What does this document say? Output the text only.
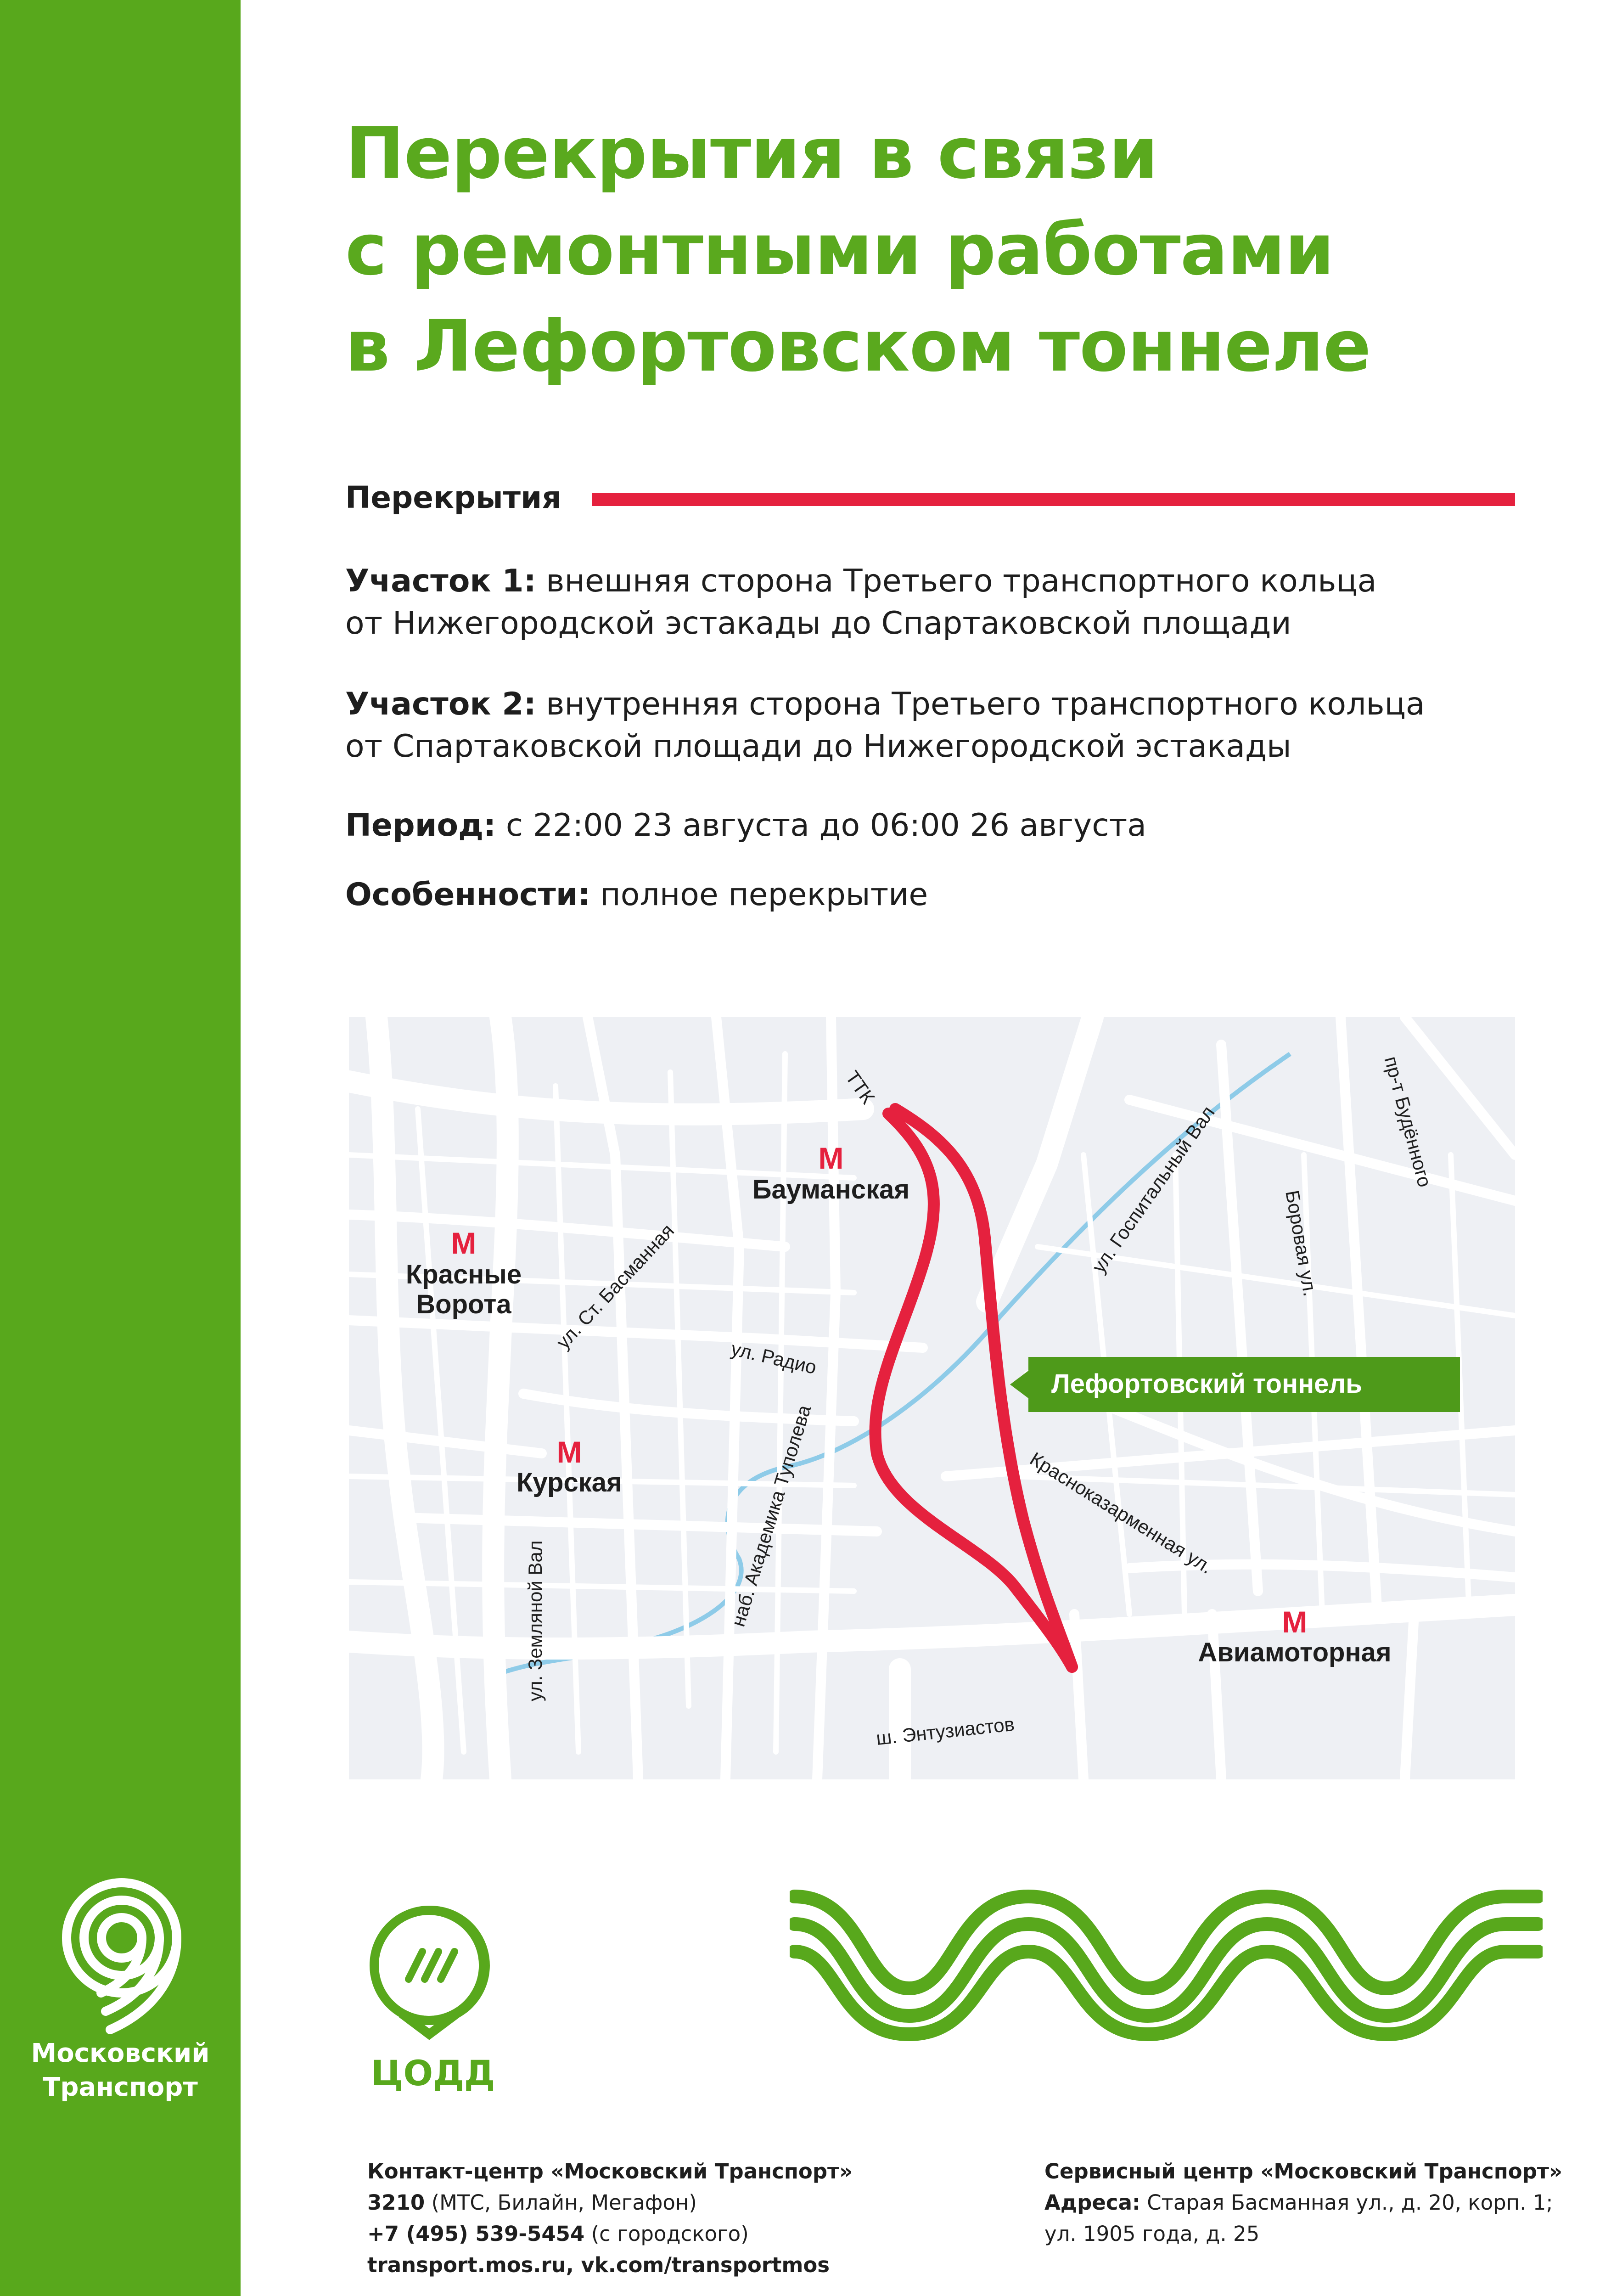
Московский
Транспорт
Перекрытия в связи
с ремонтными работами
в Лефортовском тоннеле
Перекрытия
Участок 1: внешняя сторона Третьего транспортного кольца
от Нижегородской эстакады до Спартаковской площади
Участок 2: внутренняя сторона Третьего транспортного кольца
от Спартаковской площади до Нижегородской эстакады
Период: с 22:00 23 августа до 06:00 26 августа
Особенности: полное перекрытие
Лефортовский тоннель
М
М
М
М
Красные
Ворота
Бауманская
Курская
Авиамоторная
ТТК
ул. Ст. Басманная
ул. Радио
наб. Академика Туполева
ул. Земляной Вал
ул. Госпитальный Вал	Боровая ул.
пр-т Будённого
Красноказарменная ул.
ш. Энтузиастов
ЦОДД
Контакт-центр «Московский Транспорт»
3210 (МТС, Билайн, Мегафон)
+7 (495) 539-5454 (с городского)
transport.mos.ru, vk.com/transportmos
Сервисный центр «Московский Транспорт»
Адреса: Старая Басманная ул., д. 20, корп. 1;
ул. 1905 года, д. 25
